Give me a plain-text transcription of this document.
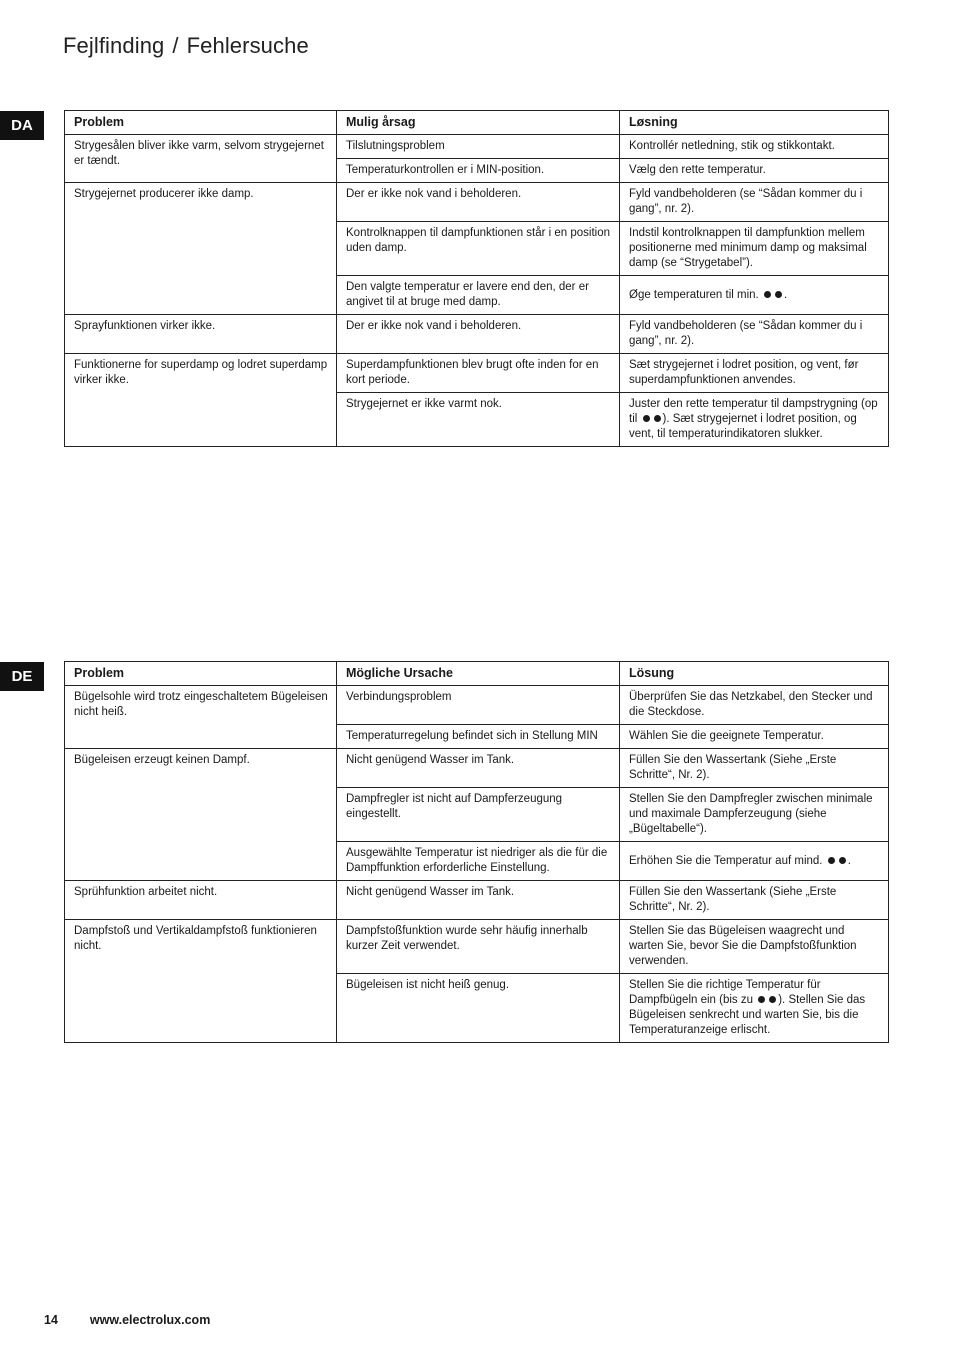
Fejlfinding / Fehlersuche
DA	Problem	Mulig årsag	Løsning
Strygesålen bliver ikke varm, selvom strygejernet er tændt.	Tilslutningsproblem	Kontrollér netledning, stik og stikkontakt.
	Temperaturkontrollen er i MIN-position.	Vælg den rette temperatur.
Strygejernet producerer ikke damp.	Der er ikke nok vand i beholderen.	Fyld vandbeholderen (se “Sådan kommer du i gang”, nr. 2).
	Kontrolknappen til dampfunktionen står i en position uden damp.	Indstil kontrolknappen til dampfunktion mellem positionerne med minimum damp og maksimal damp (se “Strygetabel”).
	Den valgte temperatur er lavere end den, der er angivet til at bruge med damp.	Øge temperaturen til min. .
Sprayfunktionen virker ikke.	Der er ikke nok vand i beholderen.	Fyld vandbeholderen (se “Sådan kommer du i gang”, nr. 2).
Funktionerne for superdamp og lodret superdamp virker ikke.	Superdampfunktionen blev brugt ofte inden for en kort periode.	Sæt strygejernet i lodret position, og vent, før superdampfunktionen anvendes.
	Strygejernet er ikke varmt nok.	Juster den rette temperatur til dampstrygning (op til ). Sæt strygejernet i lodret position, og vent, til temperaturindikatoren slukker.
DE	Problem	Mögliche Ursache	Lösung
Bügelsohle wird trotz eingeschaltetem Bügeleisen nicht heiß.	Verbindungsproblem	Überprüfen Sie das Netzkabel, den Stecker und die Steckdose.
	Temperaturregelung befindet sich in Stellung MIN	Wählen Sie die geeignete Temperatur.
Bügeleisen erzeugt keinen Dampf.	Nicht genügend Wasser im Tank.	Füllen Sie den Wassertank (Siehe „Erste Schritte“, Nr. 2).
	Dampfregler ist nicht auf Dampferzeugung eingestellt.	Stellen Sie den Dampfregler zwischen minimale und maximale Dampferzeugung (siehe „Bügeltabelle“).
	Ausgewählte Temperatur ist niedriger als die für die Dampffunktion erforderliche Einstellung.	Erhöhen Sie die Temperatur auf mind. .
Sprühfunktion arbeitet nicht.	Nicht genügend Wasser im Tank.	Füllen Sie den Wassertank (Siehe „Erste Schritte“, Nr. 2).
Dampfstoß und Vertikaldampfstoß funktionieren nicht.	Dampfstoßfunktion wurde sehr häufig innerhalb kurzer Zeit verwendet.	Stellen Sie das Bügeleisen waagrecht und warten Sie, bevor Sie die Dampfstoßfunktion verwenden.
	Bügeleisen ist nicht heiß genug.	Stellen Sie die richtige Temperatur für Dampfbügeln ein (bis zu ). Stellen Sie das Bügeleisen senkrecht und warten Sie, bis die Temperaturanzeige erlischt.
14	www.electrolux.com
